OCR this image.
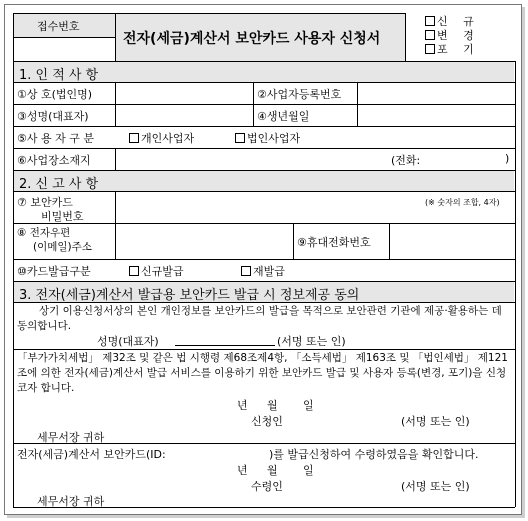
접수번호
전자(세금)계산서 보안카드 사용자 신청서
신 규
변 경
포 기
1. 인 적 사 항
①상 호(법인명)	②사업자등록번호
③성명(대표자)	④생년월일
⑤사 용 자 구 분	개인사업자	법인사업자
⑥사업장소재지	(전화:	)
2. 신 고 사 항
⑦ 보안카드
비밀번호
(※ 숫자의 조합, 4자)
⑧ 전자우편
(이메일)주소	⑨휴대전화번호
⑩카드발급구분	신규발급	재발급
3. 전자(세금)계산서 발급용 보안카드 발급 시 정보제공 동의
상기 이용신청서상의 본인 개인정보를 보안카드의 발급을 목적으로 보안관련 기관에 제공·활용하는 데 동의합니다.
성명(대표자)	(서명 또는 인)
「부가가치세법」 제32조 및 같은 법 시행령 제68조제4항, 「소득세법」 제163조 및 「법인세법」 제121조에 의한 전자(세금)계산서 발급 서비스를 이용하기 위한 보안카드 발급 및 사용자 등록(변경, 포기)을 신청코자 합니다.
년 월 일
신청인	(서명 또는 인)
세무서장 귀하
전자(세금)계산서 보안카드(ID:	)를 발급신청하여 수령하였음을 확인합니다.
년 월 일
수령인	(서명 또는 인)
세무서장 귀하
